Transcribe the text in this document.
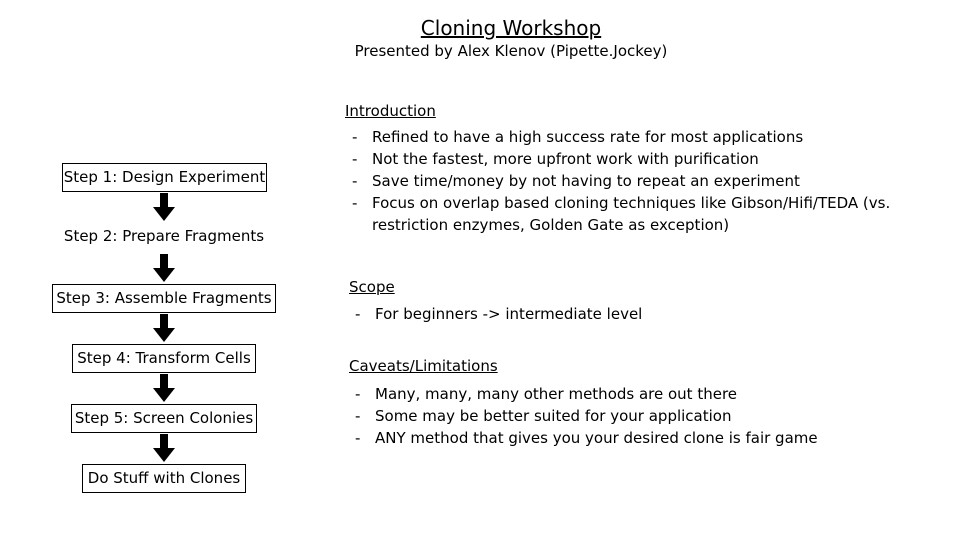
Cloning Workshop
Presented by Alex Klenov (Pipette.Jockey)
Step 1: Design Experiment
Step 2: Prepare Fragments
Step 3: Assemble Fragments
Step 4: Transform Cells
Step 5: Screen Colonies
Do Stuff with Clones
Introduction
- Refined to have a high success rate for most applications
- Not the fastest, more upfront work with purification
- Save time/money by not having to repeat an experiment
- Focus on overlap based cloning techniques like Gibson/Hifi/TEDA (vs. restriction enzymes, Golden Gate as exception)
Scope
- For beginners -> intermediate level
Caveats/Limitations
- Many, many, many other methods are out there
- Some may be better suited for your application
- ANY method that gives you your desired clone is fair game
